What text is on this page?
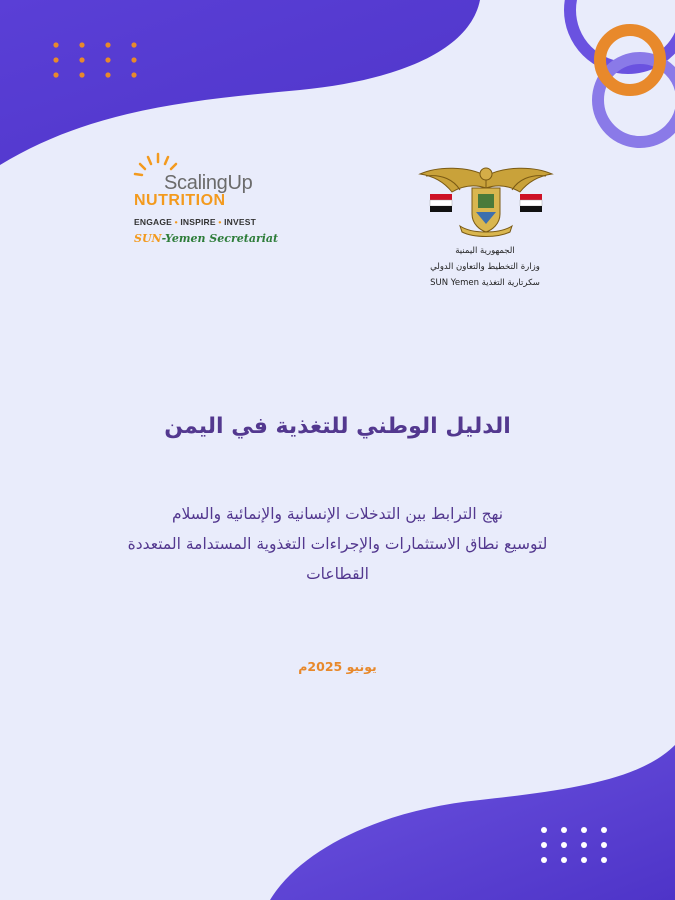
ScalingUp
NUTRITION
ENGAGE • INSPIRE • INVEST
SUN-Yemen Secretariat
الجمهورية اليمنية
وزارة التخطيط والتعاون الدولي
سكرتارية التغذية SUN Yemen
الدليل الوطني للتغذية في اليمن
نهج الترابط بين التدخلات الإنسانية والإنمائية والسلام
لتوسيع نطاق الاستثمارات والإجراءات التغذوية المستدامة المتعددة
القطاعات
يونيو 2025م
